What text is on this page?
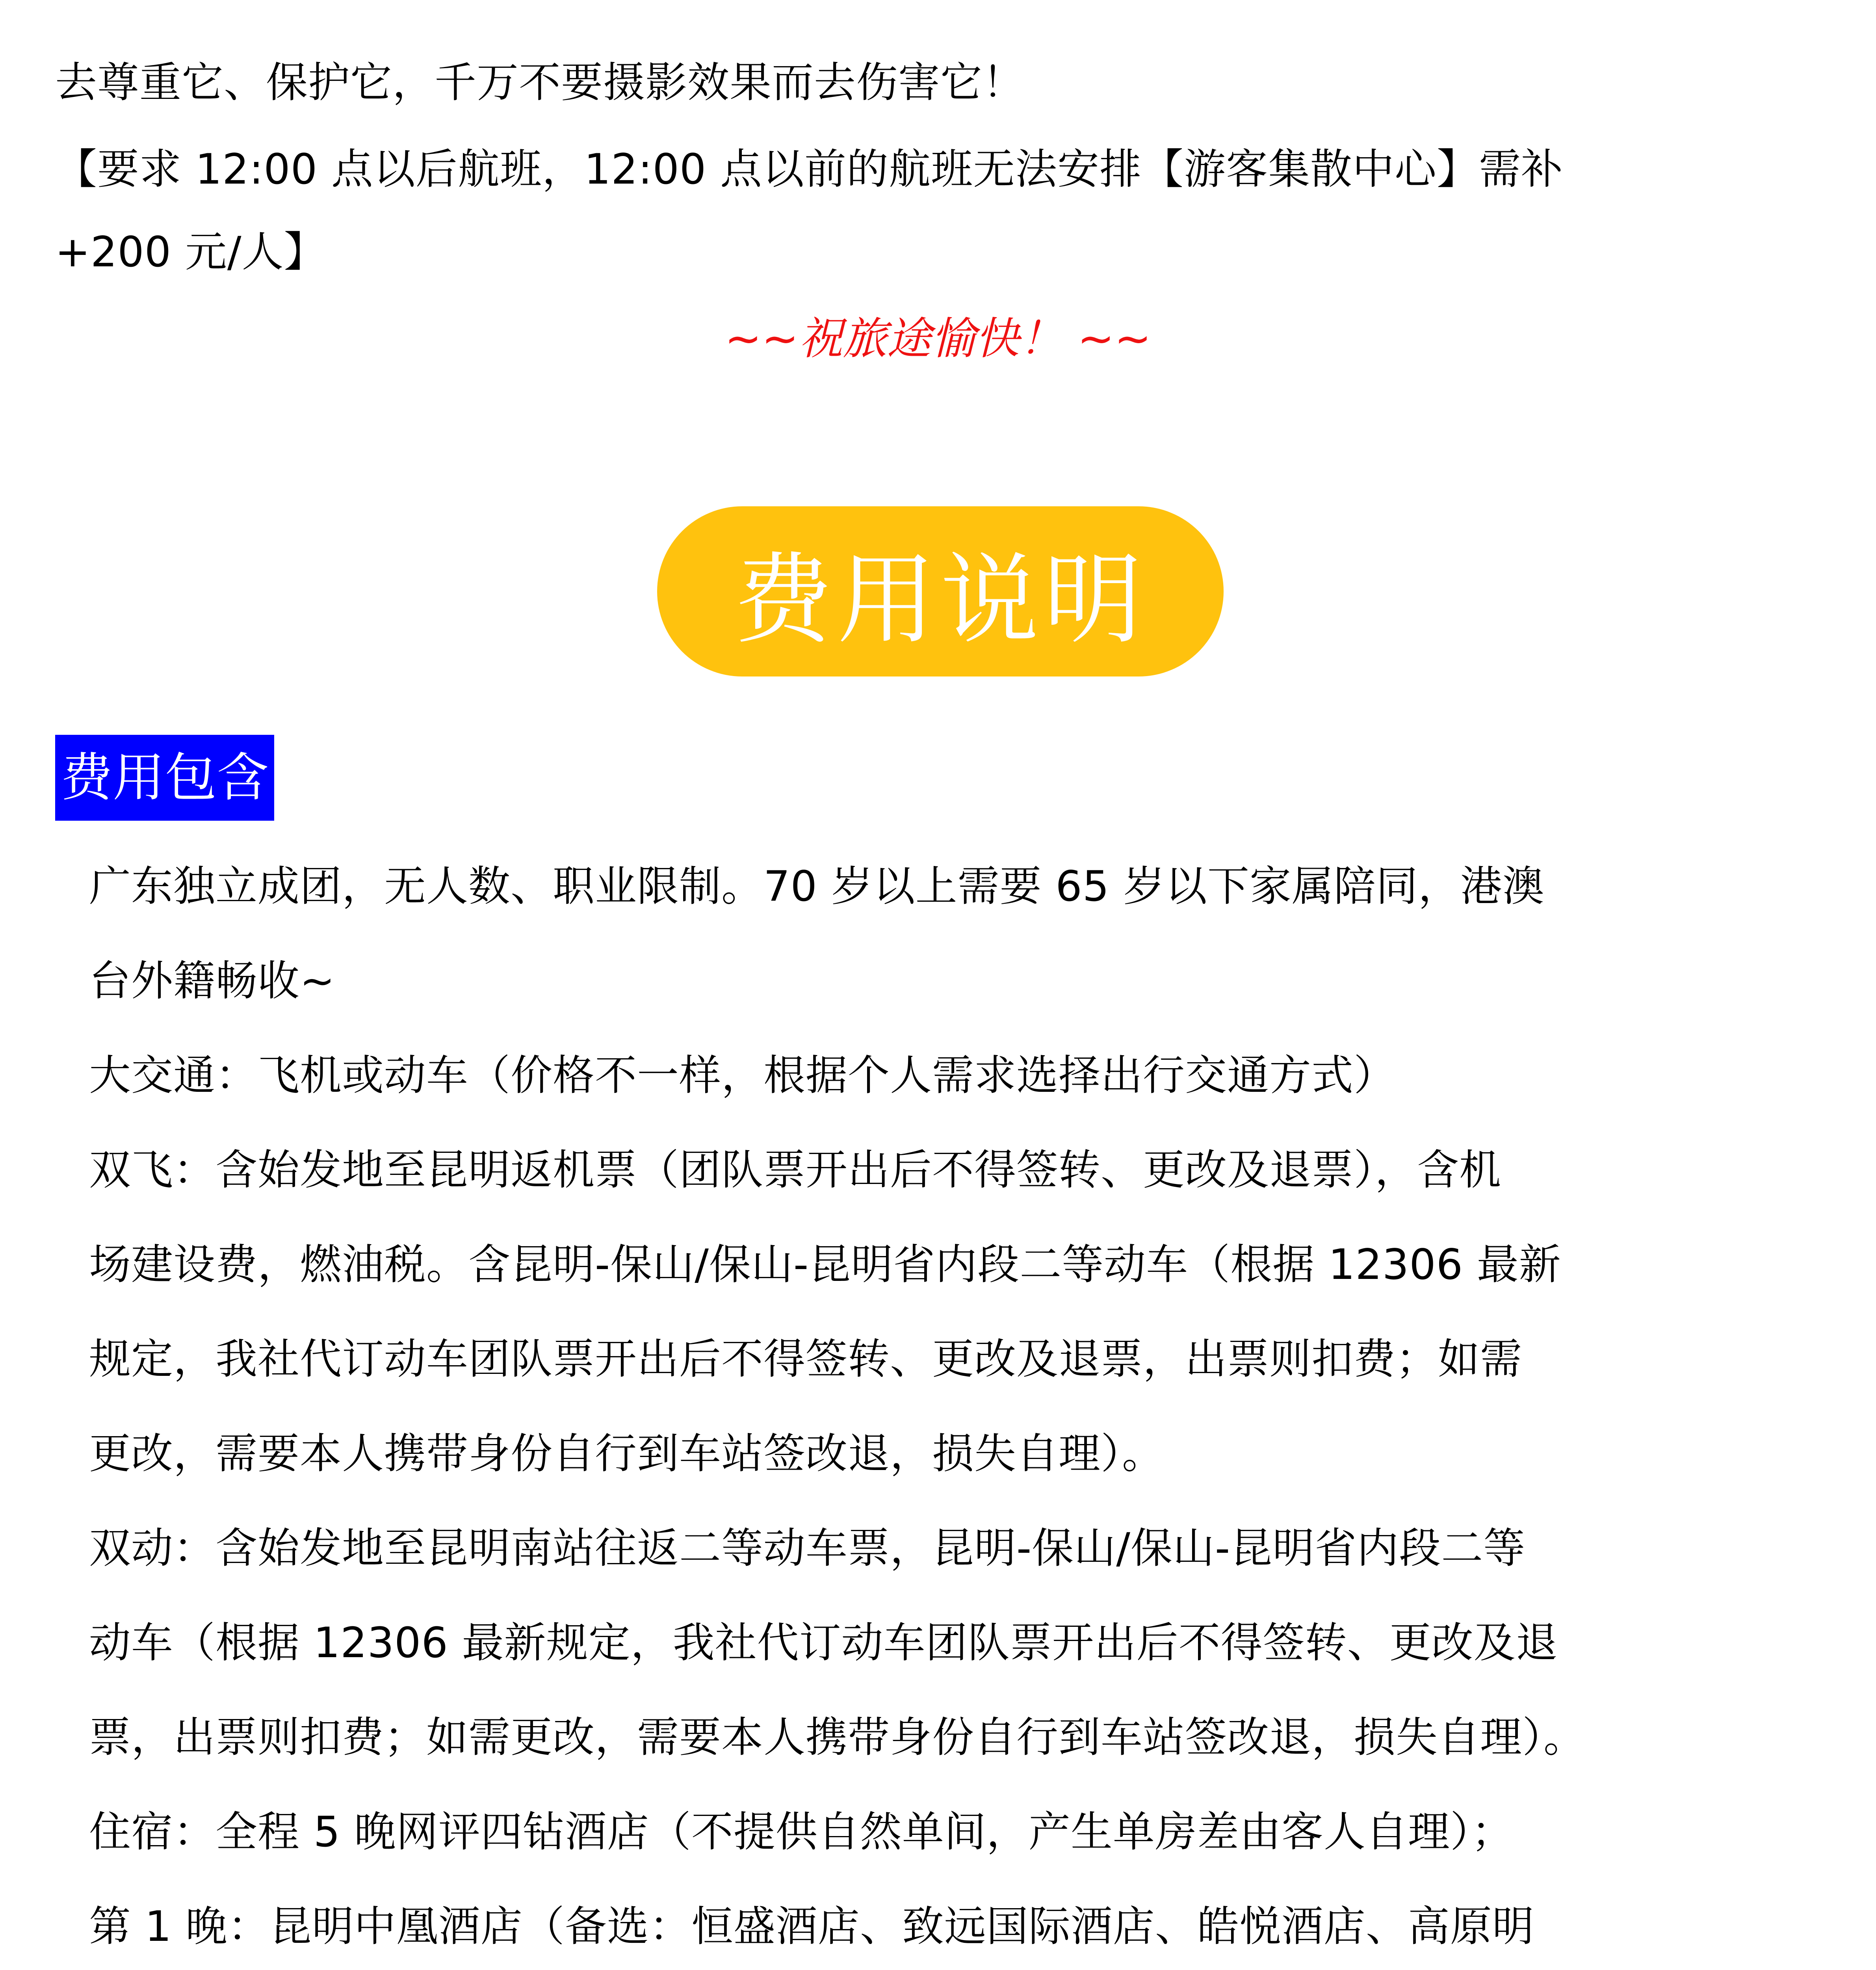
去尊重它、保护它，千万不要摄影效果而去伤害它！
【要求 12:00 点以后航班，12:00 点以前的航班无法安排【游客集散中心】需补
+200 元/人】
~~祝旅途愉快！ ~~
费用说明
费用包含
广东独立成团，无人数、职业限制。70 岁以上需要 65 岁以下家属陪同，港澳
台外籍畅收~
大交通：飞机或动车（价格不一样，根据个人需求选择出行交通方式）
双飞：含始发地至昆明返机票（团队票开出后不得签转、更改及退票），含机
场建设费，燃油税。含昆明-保山/保山-昆明省内段二等动车（根据 12306 最新
规定，我社代订动车团队票开出后不得签转、更改及退票，出票则扣费；如需
更改，需要本人携带身份自行到车站签改退，损失自理）。
双动：含始发地至昆明南站往返二等动车票，昆明-保山/保山-昆明省内段二等
动车（根据 12306 最新规定，我社代订动车团队票开出后不得签转、更改及退
票，出票则扣费；如需更改，需要本人携带身份自行到车站签改退，损失自理）。
住宿：全程 5 晚网评四钻酒店（不提供自然单间，产生单房差由客人自理）；
第 1 晚：昆明中凰酒店（备选：恒盛酒店、致远国际酒店、皓悦酒店、高原明
